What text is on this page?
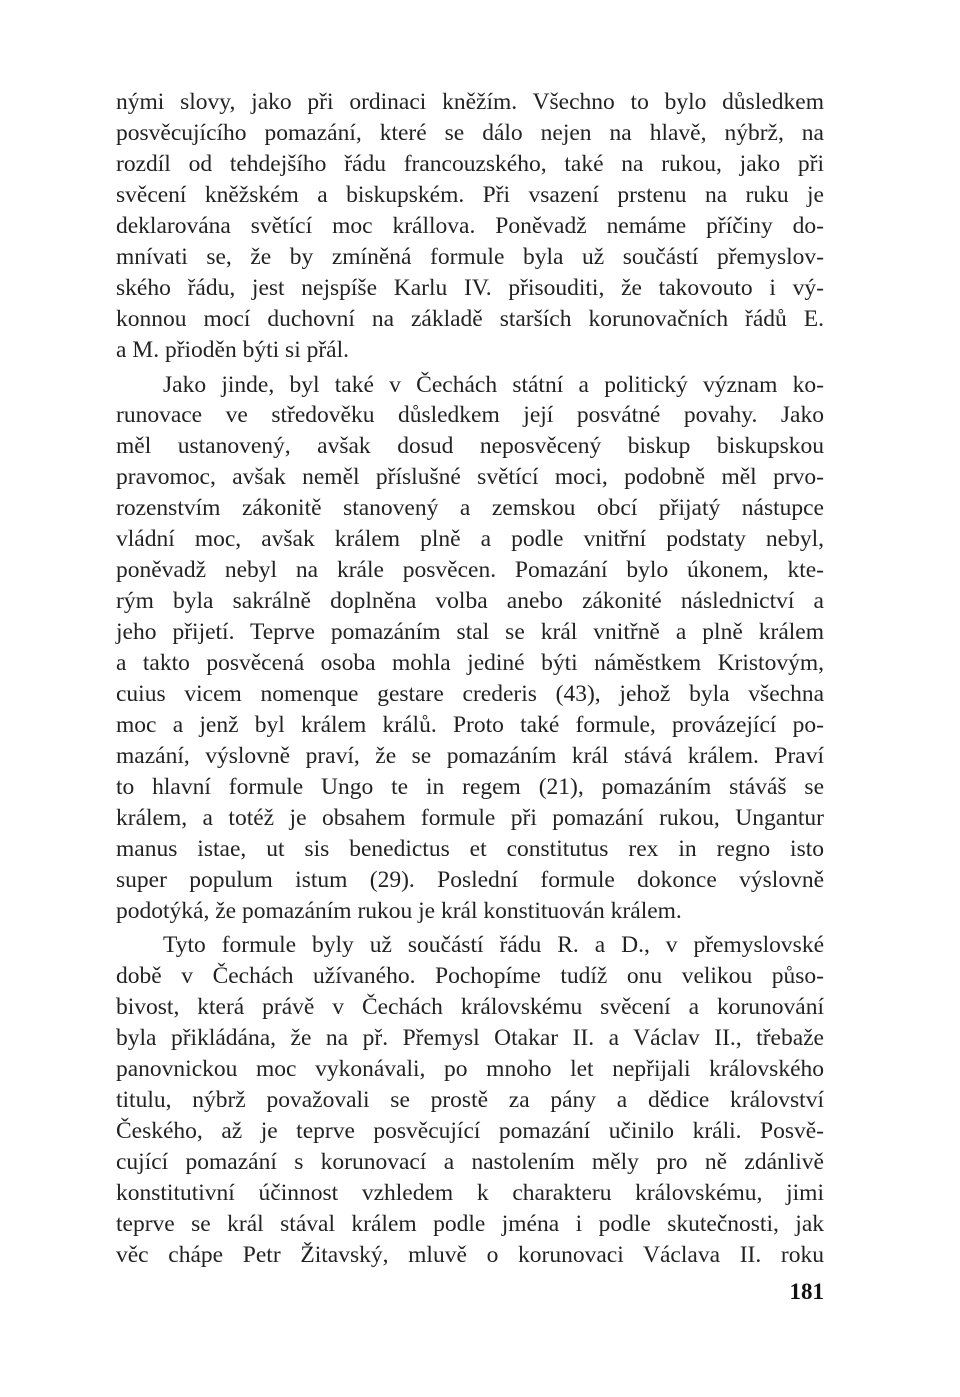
nými slovy, jako při ordinaci kněžím. Všechno to bylo důsledkem
posvěcujícího pomazání, které se dálo nejen na hlavě, nýbrž, na
rozdíl od tehdejšího řádu francouzského, také na rukou, jako při
svěcení kněžském a biskupském. Při vsazení prstenu na ruku je
deklarována světící moc krállova. Poněvadž nemáme příčiny do-
mnívati se, že by zmíněná formule byla už součástí přemyslov-
ského řádu, jest nejspíše Karlu IV. přisouditi, že takovouto i vý-
konnou mocí duchovní na základě starších korunovačních řádů E.
a M. přioděn býti si přál.
Jako jinde, byl také v Čechách státní a politický význam ko-
runovace ve středověku důsledkem její posvátné povahy. Jako
měl ustanovený, avšak dosud neposvěcený biskup biskupskou
pravomoc, avšak neměl příslušné světící moci, podobně měl prvo-
rozenstvím zákonitě stanovený a zemskou obcí přijatý nástupce
vládní moc, avšak králem plně a podle vnitřní podstaty nebyl,
poněvadž nebyl na krále posvěcen. Pomazání bylo úkonem, kte-
rým byla sakrálně doplněna volba anebo zákonité následnictví a
jeho přijetí. Teprve pomazáním stal se král vnitřně a plně králem
a takto posvěcená osoba mohla jediné býti náměstkem Kristovým,
cuius vicem nomenque gestare crederis (43), jehož byla všechna
moc a jenž byl králem králů. Proto také formule, provázející po-
mazání, výslovně praví, že se pomazáním král stává králem. Praví
to hlavní formule Ungo te in regem (21), pomazáním stáváš se
králem, a totéž je obsahem formule při pomazání rukou, Ungantur
manus istae, ut sis benedictus et constitutus rex in regno isto
super populum istum (29). Poslední formule dokonce výslovně
podotýká, že pomazáním rukou je král konstituován králem.
Tyto formule byly už součástí řádu R. a D., v přemyslovské
době v Čechách užívaného. Pochopíme tudíž onu velikou půso-
bivost, která právě v Čechách královskému svěcení a korunování
byla přikládána, že na př. Přemysl Otakar II. a Václav II., třebaže
panovnickou moc vykonávali, po mnoho let nepřijali královského
titulu, nýbrž považovali se prostě za pány a dědice království
Českého, až je teprve posvěcující pomazání učinilo králi. Posvě-
cující pomazání s korunovací a nastolením měly pro ně zdánlivě
konstitutivní účinnost vzhledem k charakteru královskému, jimi
teprve se král stával králem podle jména i podle skutečnosti, jak
věc chápe Petr Žitavský, mluvě o korunovaci Václava II. roku
181
